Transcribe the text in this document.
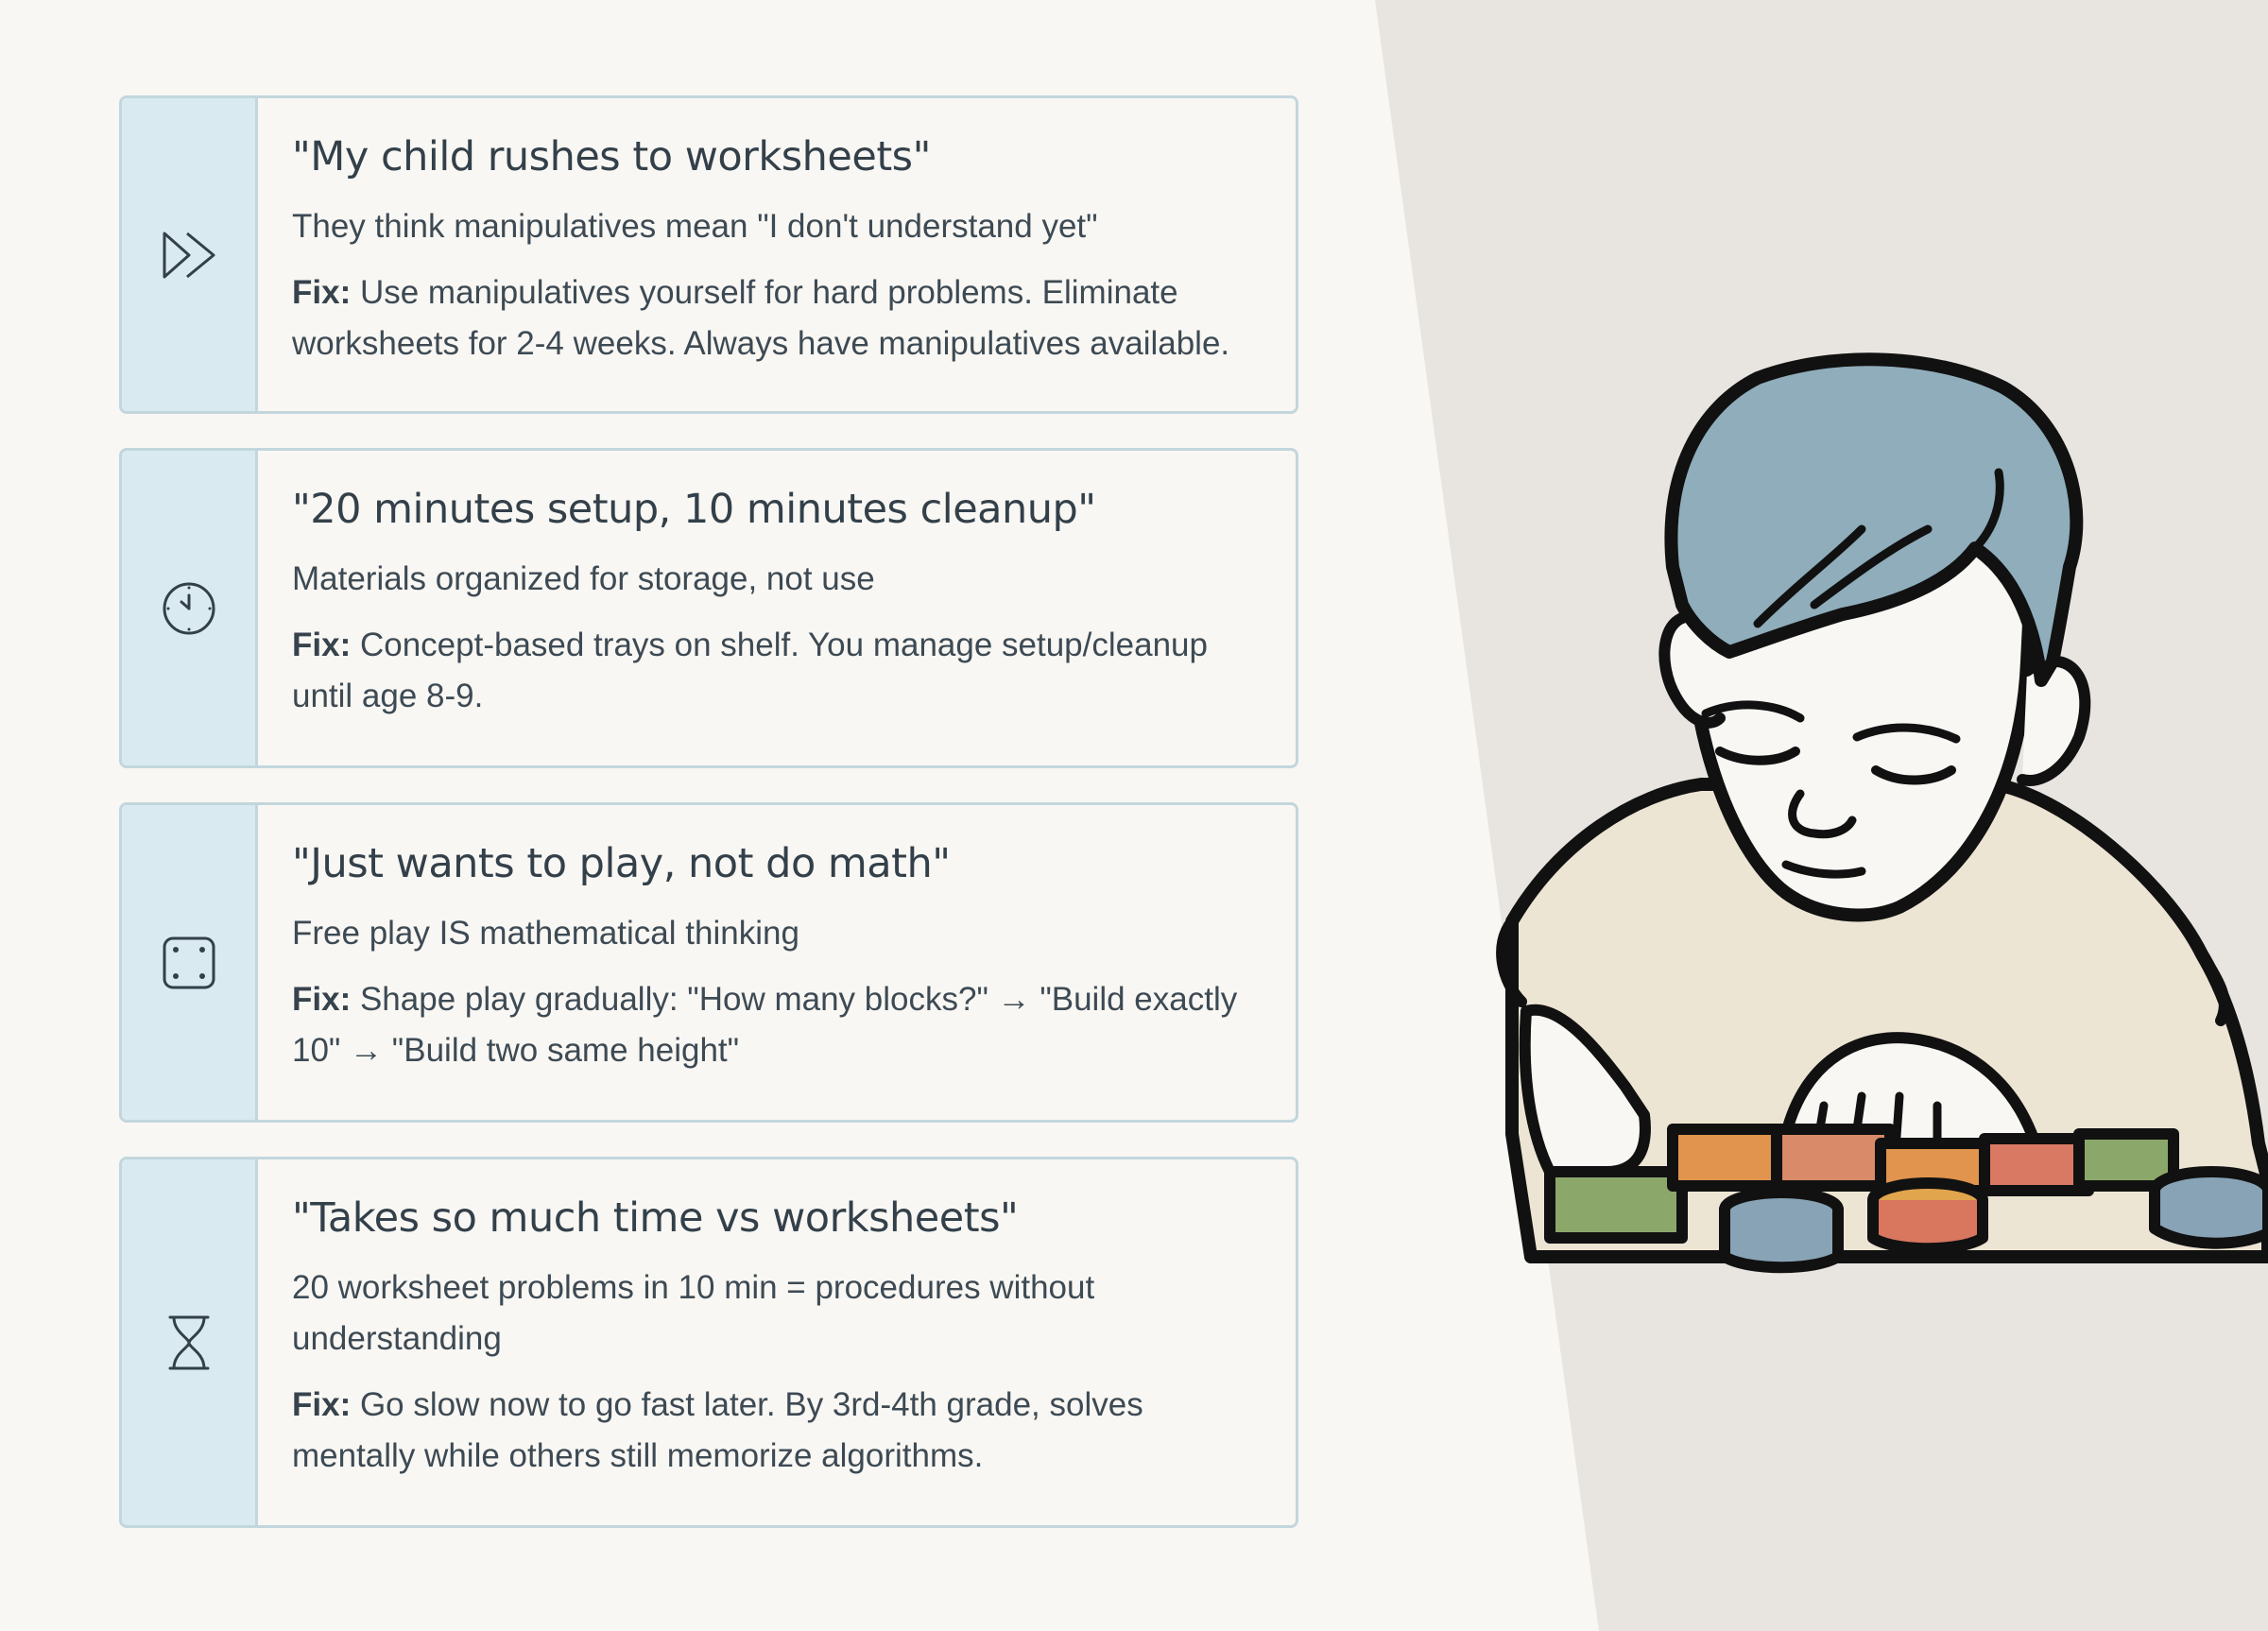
"My child rushes to worksheets"
They think manipulatives mean "I don't understand yet"
Fix: Use manipulatives yourself for hard problems. Eliminate worksheets for 2-4 weeks. Always have manipulatives available.
"20 minutes setup, 10 minutes cleanup"
Materials organized for storage, not use
Fix: Concept-based trays on shelf. You manage setup/cleanup until age 8-9.
"Just wants to play, not do math"
Free play IS mathematical thinking
Fix: Shape play gradually: "How many blocks?" → "Build exactly 10" → "Build two same height"
"Takes so much time vs worksheets"
20 worksheet problems in 10 min = procedures without understanding
Fix: Go slow now to go fast later. By 3rd-4th grade, solves mentally while others still memorize algorithms.
